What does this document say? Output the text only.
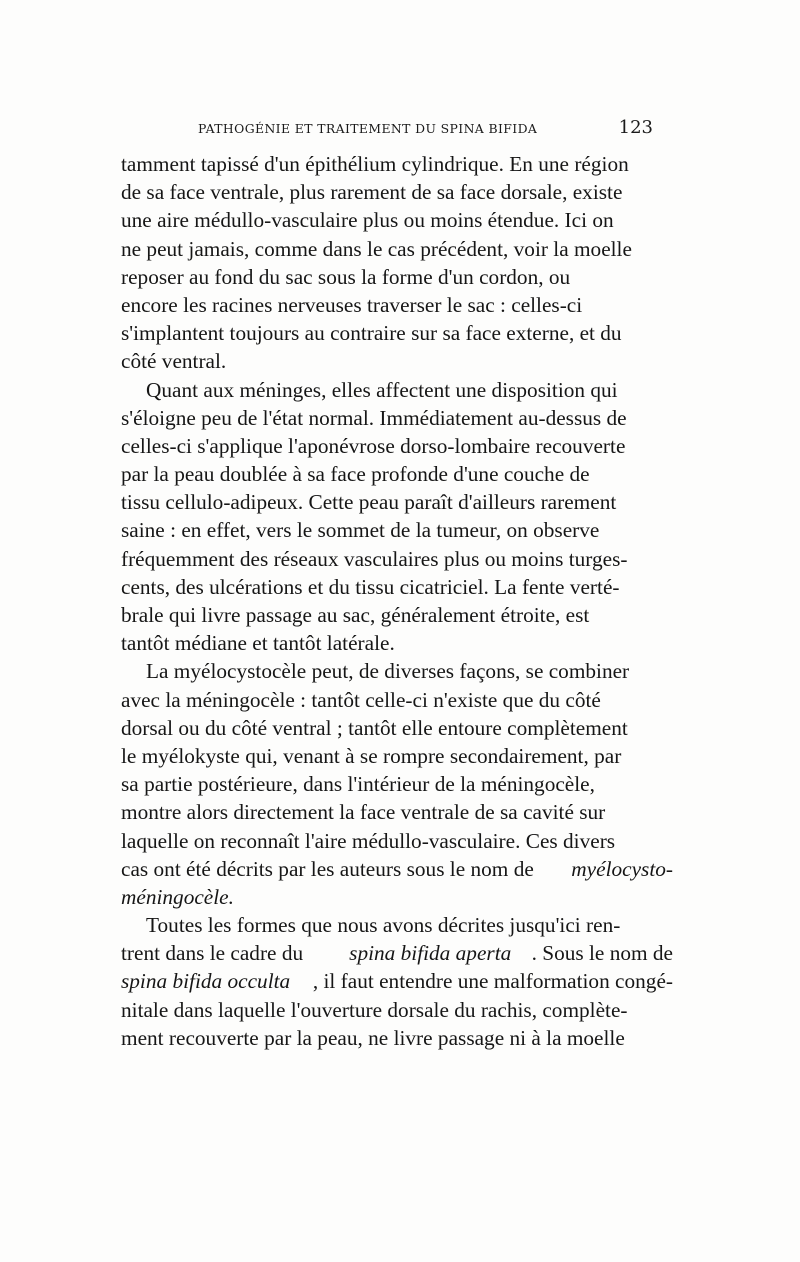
PATHOGÉNIE ET TRAITEMENT DU SPINA BIFIDA	123
tamment tapissé d'un épithélium cylindrique. En une région
de sa face ventrale, plus rarement de sa face dorsale, existe
une aire médullo-vasculaire plus ou moins étendue. Ici on
ne peut jamais, comme dans le cas précédent, voir la moelle
reposer au fond du sac sous la forme d'un cordon, ou
encore les racines nerveuses traverser le sac : celles-ci
s'implantent toujours au contraire sur sa face externe, et du
côté ventral.
Quant aux méninges, elles affectent une disposition qui
s'éloigne peu de l'état normal. Immédiatement au-dessus de
celles-ci s'applique l'aponévrose dorso-lombaire recouverte
par la peau doublée à sa face profonde d'une couche de
tissu cellulo-adipeux. Cette peau paraît d'ailleurs rarement
saine : en effet, vers le sommet de la tumeur, on observe
fréquemment des réseaux vasculaires plus ou moins turges-
cents, des ulcérations et du tissu cicatriciel. La fente verté-
brale qui livre passage au sac, généralement étroite, est
tantôt médiane et tantôt latérale.
La myélocystocèle peut, de diverses façons, se combiner
avec la méningocèle : tantôt celle-ci n'existe que du côté
dorsal ou du côté ventral ; tantôt elle entoure complètement
le myélokyste qui, venant à se rompre secondairement, par
sa partie postérieure, dans l'intérieur de la méningocèle,
montre alors directement la face ventrale de sa cavité sur
laquelle on reconnaît l'aire médullo-vasculaire. Ces divers
cas ont été décrits par les auteurs sous le nom de
myélocysto-
méningocèle.
Toutes les formes que nous avons décrites jusqu'ici ren-
trent dans le cadre du
spina bifida aperta . Sous le nom de
spina bifida occulta , il faut entendre une malformation congé-
nitale dans laquelle l'ouverture dorsale du rachis, complète-
ment recouverte par la peau, ne livre passage ni à la moelle
